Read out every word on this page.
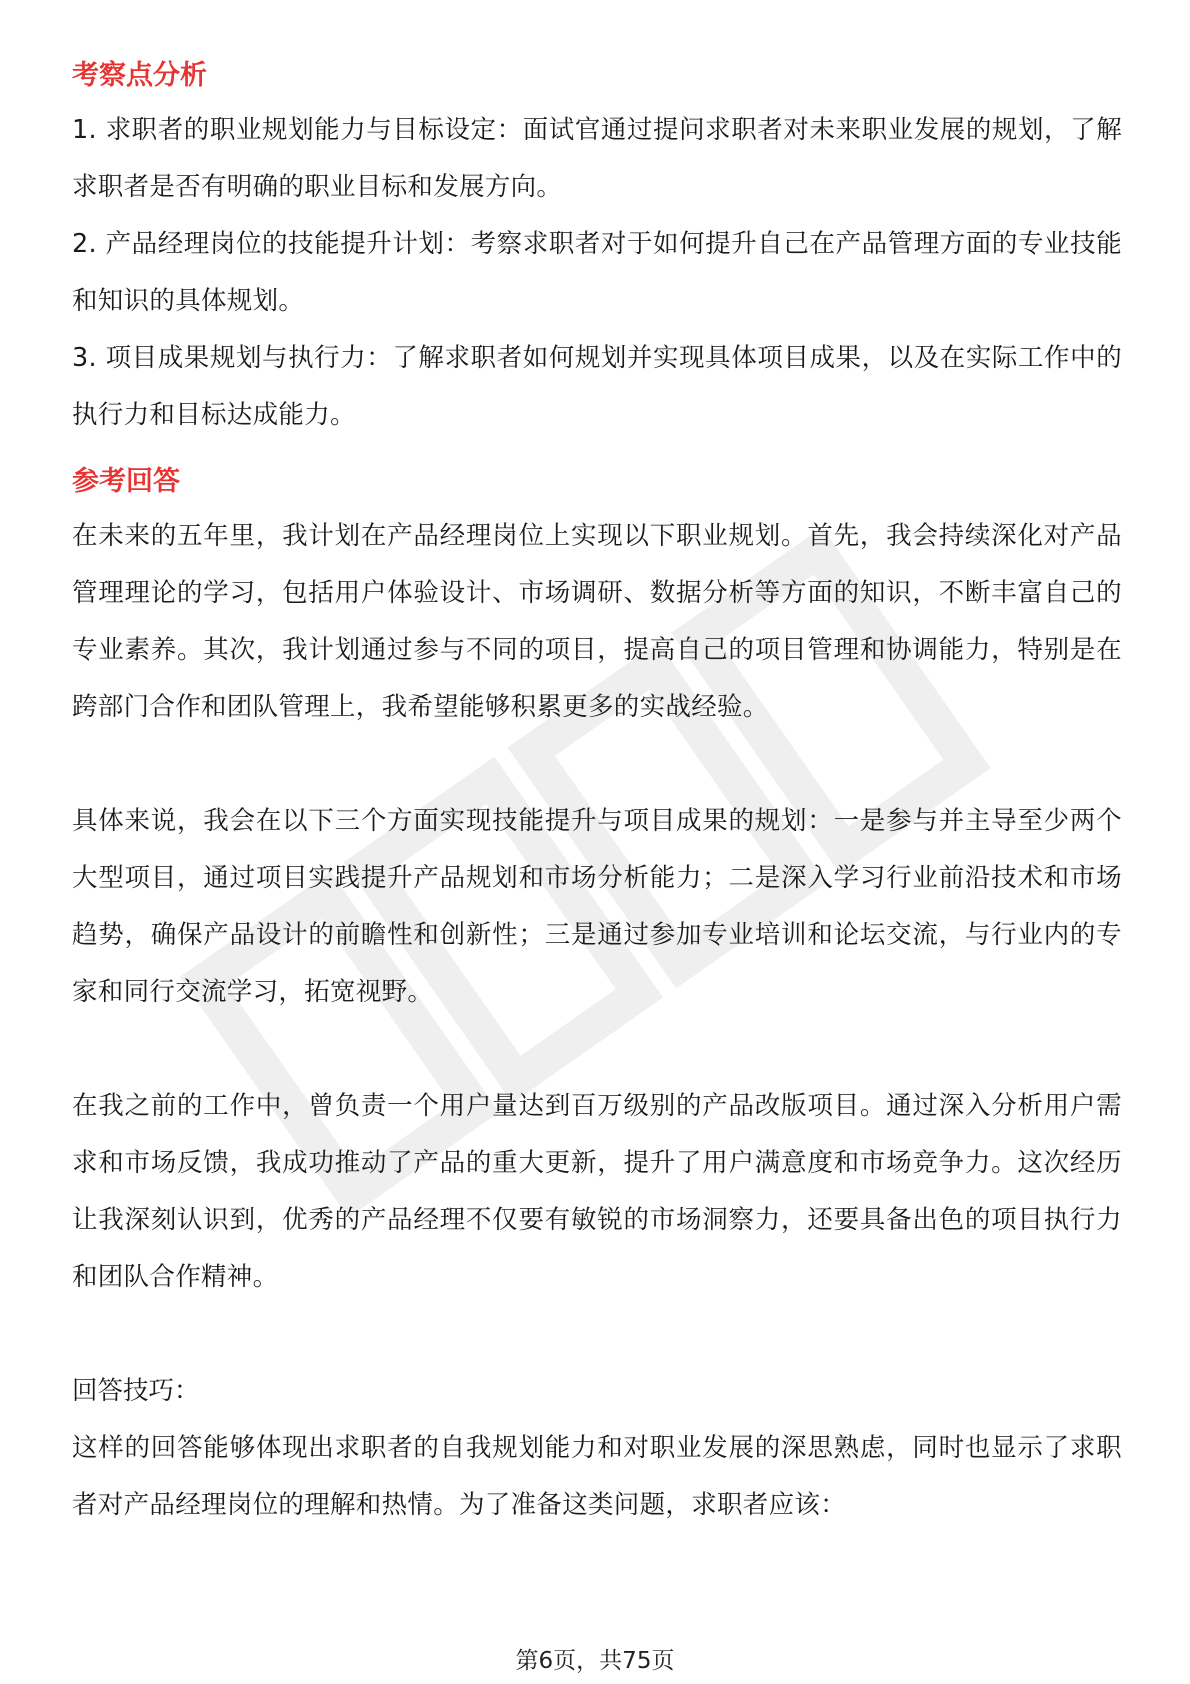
考察点分析

1. 求职者的职业规划能力与目标设定：面试官通过提问求职者对未来职业发展的规划，了解求职者是否有明确的职业目标和发展方向。

2. 产品经理岗位的技能提升计划：考察求职者对于如何提升自己在产品管理方面的专业技能和知识的具体规划。

3. 项目成果规划与执行力：了解求职者如何规划并实现具体项目成果，以及在实际工作中的执行力和目标达成能力。

参考回答

在未来的五年里，我计划在产品经理岗位上实现以下职业规划。首先，我会持续深化对产品管理理论的学习，包括用户体验设计、市场调研、数据分析等方面的知识，不断丰富自己的专业素养。其次，我计划通过参与不同的项目，提高自己的项目管理和协调能力，特别是在跨部门合作和团队管理上，我希望能够积累更多的实战经验。

具体来说，我会在以下三个方面实现技能提升与项目成果的规划：一是参与并主导至少两个大型项目，通过项目实践提升产品规划和市场分析能力；二是深入学习行业前沿技术和市场趋势，确保产品设计的前瞻性和创新性；三是通过参加专业培训和论坛交流，与行业内的专家和同行交流学习，拓宽视野。

在我之前的工作中，曾负责一个用户量达到百万级别的产品改版项目。通过深入分析用户需求和市场反馈，我成功推动了产品的重大更新，提升了用户满意度和市场竞争力。这次经历让我深刻认识到，优秀的产品经理不仅要有敏锐的市场洞察力，还要具备出色的项目执行力和团队合作精神。

回答技巧：

这样的回答能够体现出求职者的自我规划能力和对职业发展的深思熟虑，同时也显示了求职者对产品经理岗位的理解和热情。为了准备这类问题，求职者应该：

第6页，共75页
